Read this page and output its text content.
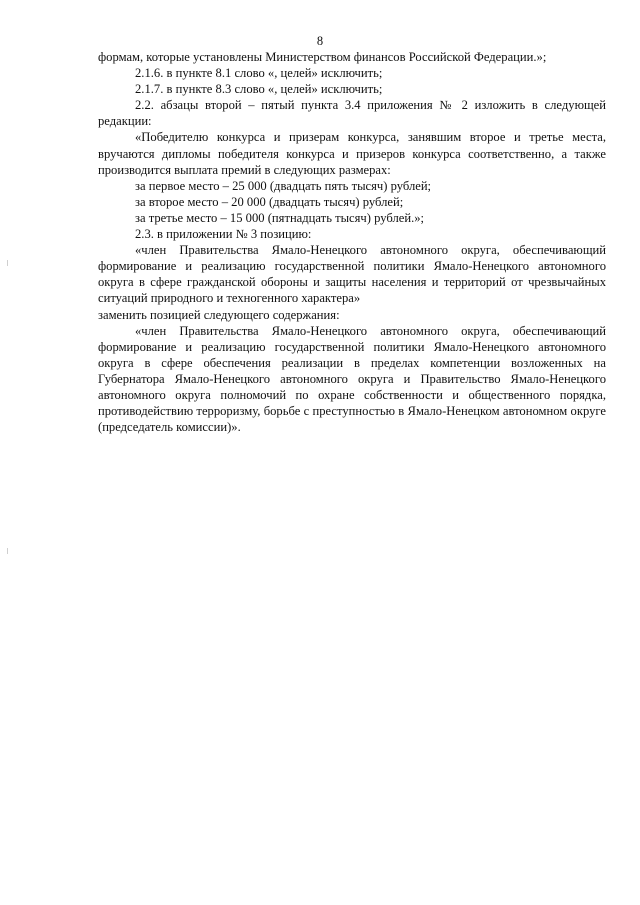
8

формам, которые установлены Министерством финансов Российской Федерации.»;

2.1.6. в пункте 8.1 слово «, целей» исключить;

2.1.7. в пункте 8.3 слово «, целей» исключить;

2.2. абзацы второй – пятый пункта 3.4 приложения № 2 изложить в следующей редакции:

«Победителю конкурса и призерам конкурса, занявшим второе и третье места, вручаются дипломы победителя конкурса и призеров конкурса соответственно, а также производится выплата премий в следующих размерах:

за первое место – 25 000 (двадцать пять тысяч) рублей;

за второе место – 20 000 (двадцать тысяч) рублей;

за третье место – 15 000 (пятнадцать тысяч) рублей.»;

2.3. в приложении № 3 позицию:

«член Правительства Ямало-Ненецкого автономного округа, обеспечивающий формирование и реализацию государственной политики Ямало-Ненецкого автономного округа в сфере гражданской обороны и защиты населения и территорий от чрезвычайных ситуаций природного и техногенного характера»

заменить позицией следующего содержания:

«член Правительства Ямало-Ненецкого автономного округа, обеспечивающий формирование и реализацию государственной политики Ямало-Ненецкого автономного округа в сфере обеспечения реализации в пределах компетенции возложенных на Губернатора Ямало-Ненецкого автономного округа и Правительство Ямало-Ненецкого автономного округа полномочий по охране собственности и общественного порядка, противодействию терроризму, борьбе с преступностью в Ямало-Ненецком автономном округе (председатель комиссии)».
